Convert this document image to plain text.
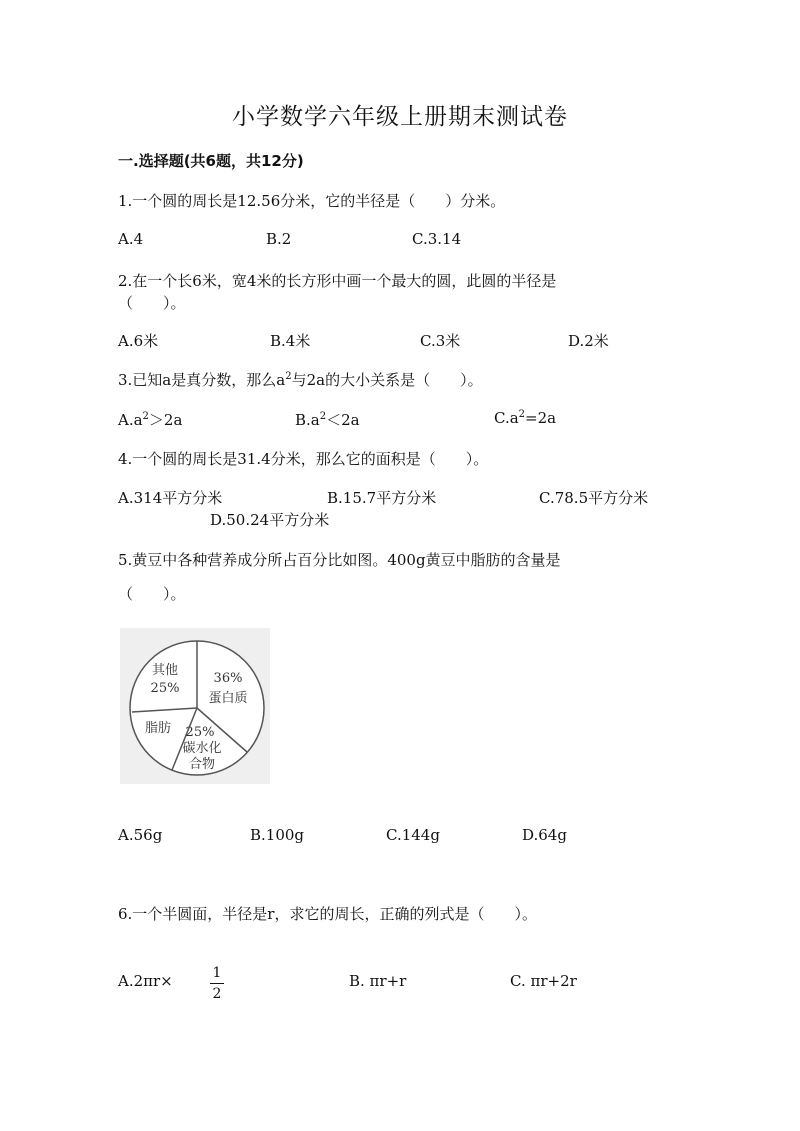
小学数学六年级上册期末测试卷
一.选择题(共6题，共12分)
1.一个圆的周长是12.56分米，它的半径是（　　）分米。
A.4	B.2	C.3.14
2.在一个长6米，宽4米的长方形中画一个最大的圆，此圆的半径是
（　　）。
A.6米	B.4米	C.3米	D.2米
3.已知a是真分数，那么$a^2$与2a的大小关系是（　　）。
$A.a^2>2a$	$B.a^2<2a$	$C.a^2=2a$
4.一个圆的周长是31.4分米，那么它的面积是（　　）。
A.314平方分米	B.15.7平方分米	C.78.5平方分米
D.50.24平方分米
5.黄豆中各种营养成分所占百分比如图。400g黄豆中脂肪的含量是
（　　）。
36%
蛋白质
25%
碳水化
合物
脂肪
其他
25%
A.56g	B.100g	C.144g	D.64g
6.一个半圆面，半径是r，求它的周长，正确的列式是（　　）。
A.2πr×	1
2
B. πr+r	C. πr+2r
